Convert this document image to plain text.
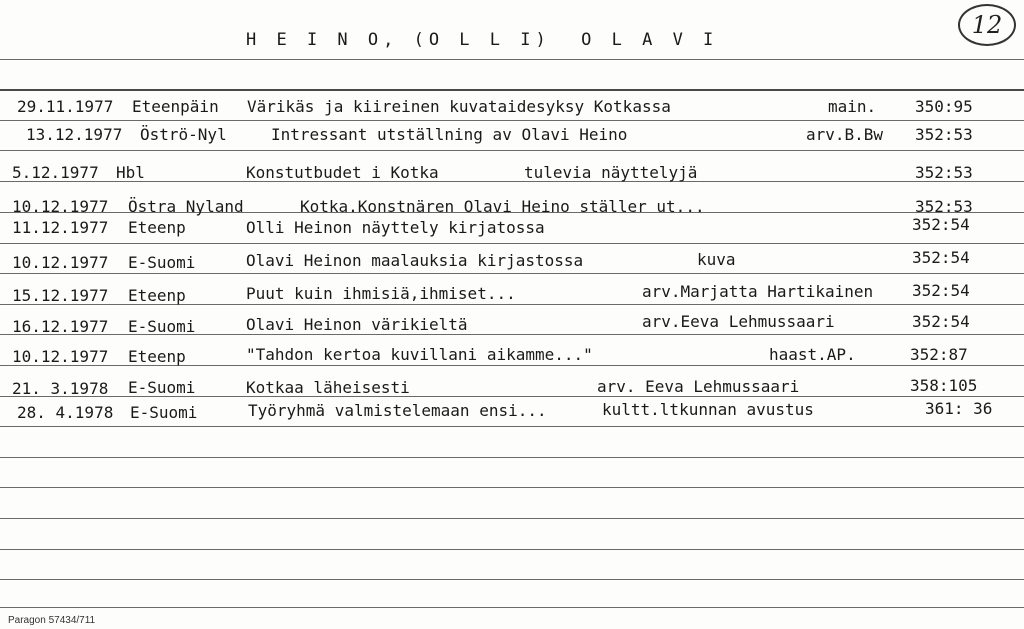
H E I N O, (O L L I)  O L A V I
12
29.11.1977 Eteenpäin Värikäs ja kiireinen kuvataidesyksy Kotkassa	main. 350:95
13.12.1977 Öströ-Nyl	Intressant utställning av Olavi Heino	arv.B.Bw 352:53
5.12.1977 Hbl	Konstutbudet i Kotka	tulevia näyttelyjä	352:53
10.12.1977 Östra Nyland	Kotka.Konstnären Olavi Heino ställer ut...	352:53
11.12.1977 Eteenp	Olli Heinon näyttely kirjatossa	352:54
10.12.1977 E-Suomi	Olavi Heinon maalauksia kirjastossa	kuva	352:54
15.12.1977 Eteenp	Puut kuin ihmisiä,ihmiset...	arv.Marjatta Hartikainen 352:54
16.12.1977 E-Suomi	Olavi Heinon värikieltä	arv.Eeva Lehmussaari	352:54
10.12.1977 Eteenp	"Tahdon kertoa kuvillani aikamme..."	haast.AP.	352:87
21. 3.1978 E-Suomi	Kotkaa läheisesti	arv. Eeva Lehmussaari	358:105
28. 4.1978 E-Suomi	Työryhmä valmistelemaan ensi...	kultt.ltkunnan avustus	361: 36
Paragon 57434/711
